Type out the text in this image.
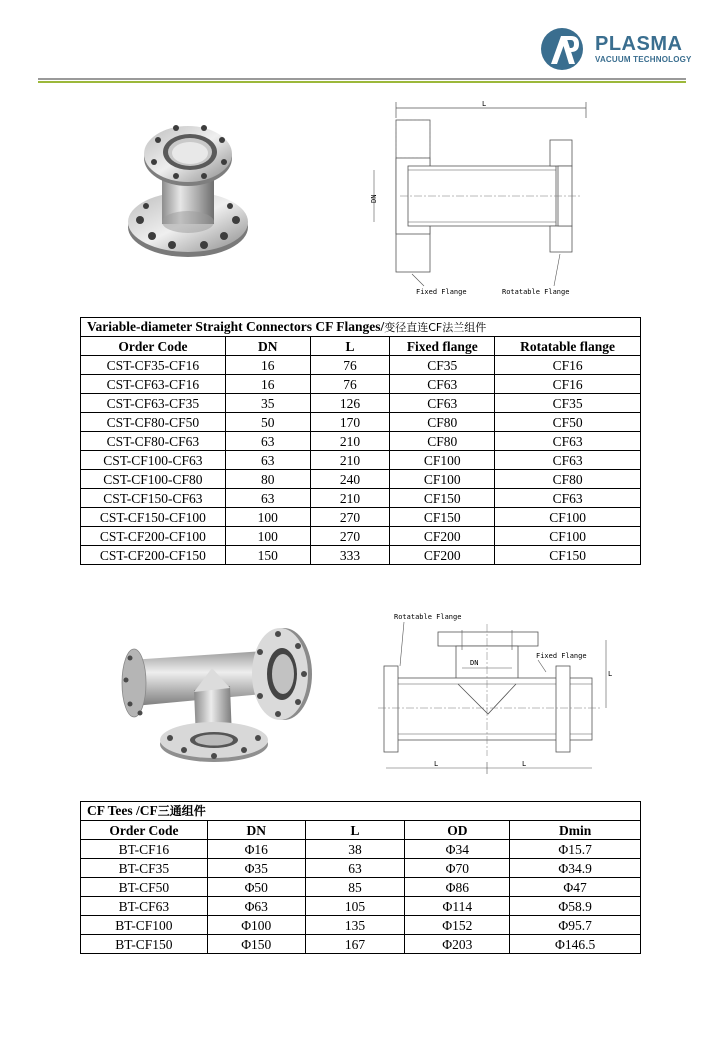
PLASMA
VACUUM TECHNOLOGY
L
DN
Fixed Flange	Rotatable Flange
Variable-diameter Straight Connectors CF Flanges/变径直连CF法兰组件				
Order Code	DN	L	Fixed flange	Rotatable flange
CST-CF35-CF16	16	76	CF35	CF16
CST-CF63-CF16	16	76	CF63	CF16
CST-CF63-CF35	35	126	CF63	CF35
CST-CF80-CF50	50	170	CF80	CF50
CST-CF80-CF63	63	210	CF80	CF63
CST-CF100-CF63	63	210	CF100	CF63
CST-CF100-CF80	80	240	CF100	CF80
CST-CF150-CF63	63	210	CF150	CF63
CST-CF150-CF100	100	270	CF150	CF100
CST-CF200-CF100	100	270	CF200	CF100
CST-CF200-CF150	150	333	CF200	CF150
Rotatable Flange
Fixed Flange
DN
L
L	L
CF Tees /CF三通组件				
Order Code	DN	L	OD	Dmin
BT-CF16	Φ16	38	Φ34	Φ15.7
BT-CF35	Φ35	63	Φ70	Φ34.9
BT-CF50	Φ50	85	Φ86	Φ47
BT-CF63	Φ63	105	Φ114	Φ58.9
BT-CF100	Φ100	135	Φ152	Φ95.7
BT-CF150	Φ150	167	Φ203	Φ146.5
